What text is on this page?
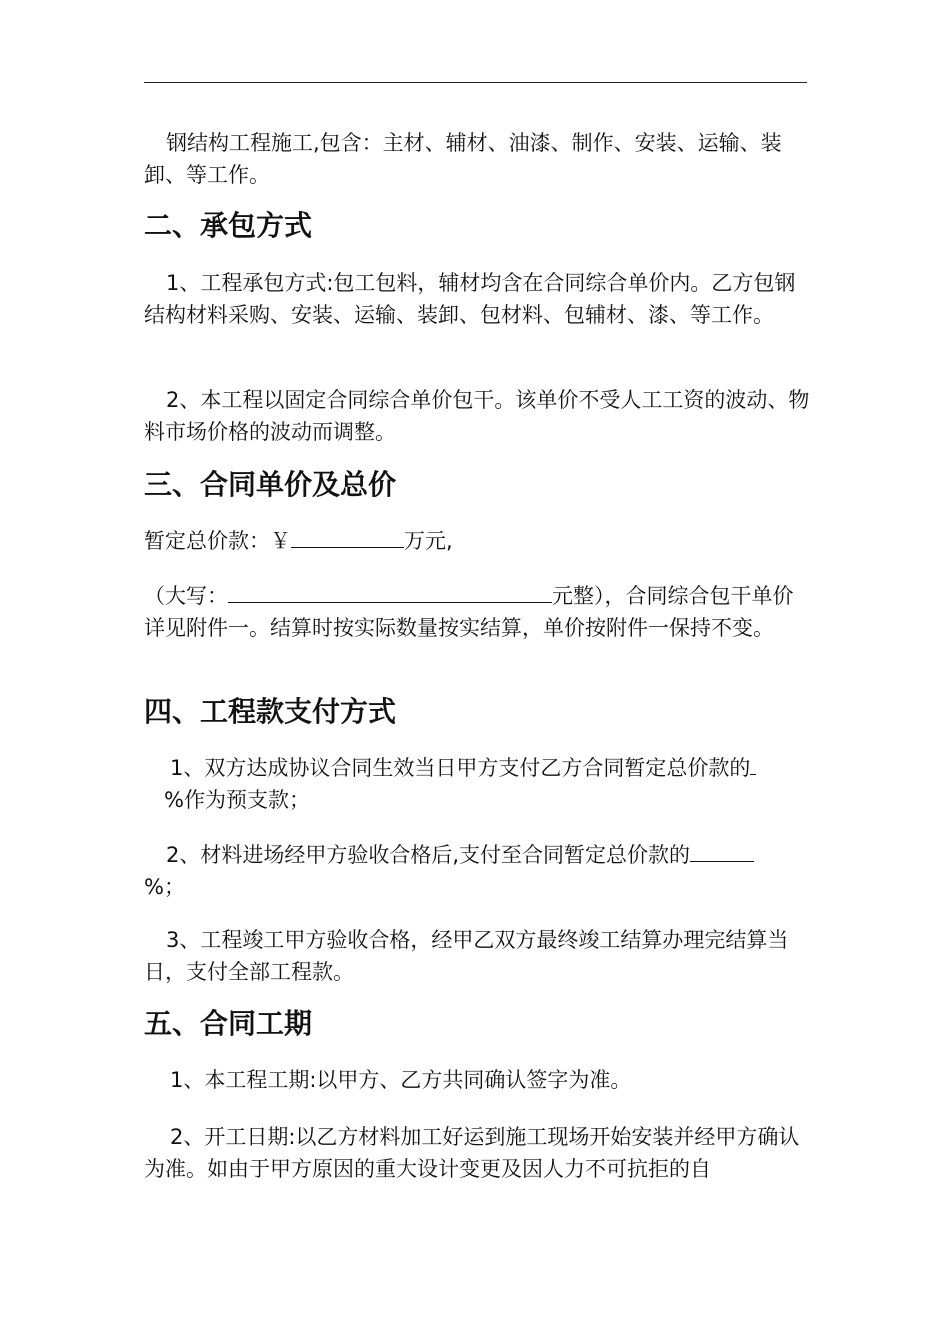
钢结构工程施工,包含：主材、辅材、油漆、制作、安装、运输、装卸、等工作。

二、承包方式

1、工程承包方式:包工包料，辅材均含在合同综合单价内。乙方包钢结构材料采购、安装、运输、装卸、包材料、包辅材、漆、等工作。

2、本工程以固定合同综合单价包干。该单价不受人工工资的波动、物料市场价格的波动而调整。

三、合同单价及总价

暂定总价款：￥	万元,

（大写：	元整），合同综合包干单价详见附件一。结算时按实际数量按实结算，单价按附件一保持不变。

四、工程款支付方式

1、双方达成协议合同生效当日甲方支付乙方合同暂定总价款的
%作为预支款；

2、材料进场经甲方验收合格后,支付至合同暂定总价款的
%；

3、工程竣工甲方验收合格，经甲乙双方最终竣工结算办理完结算当日，支付全部工程款。

五、合同工期

1、本工程工期:以甲方、乙方共同确认签字为准。

2、开工日期:以乙方材料加工好运到施工现场开始安装并经甲方确认为准。如由于甲方原因的重大设计变更及因人力不可抗拒的自
